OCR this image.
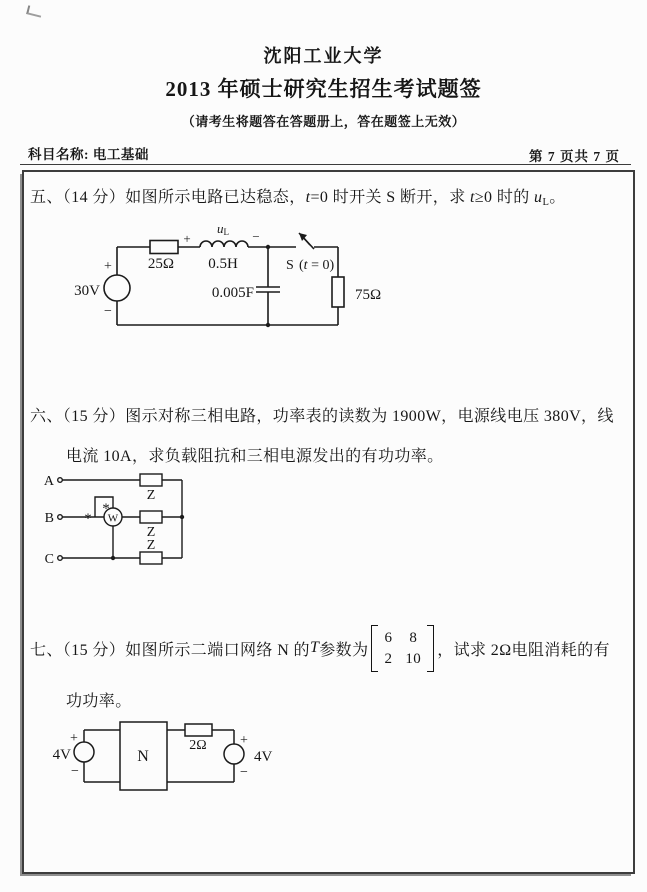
沈阳工业大学
2013 年硕士研究生招生考试题签
（请考生将题答在答题册上，答在题签上无效）
科目名称: 电工基础	第 7 页共 7 页
五、（14 分）如图所示电路已达稳态，t=0 时开关 S 断开，求 t≥0 时的 $u_L$。
30V
+
−
25Ω
+
uL −
0.5H
0.005F
S (t = 0)
75Ω
六、（15 分）图示对称三相电路，功率表的读数为 1900W，电源线电压 380V，线
电流 10A，求负载阻抗和三相电源发出的有功功率。
A
B
C
W
*
*
Z
Z
Z
七、（15 分）如图所示二端口网络 N 的 T 参数为
6 8
2 10 ，试求 2Ω电阻消耗的有
功功率。
N
2Ω
+
−
4V
+
−
4V
